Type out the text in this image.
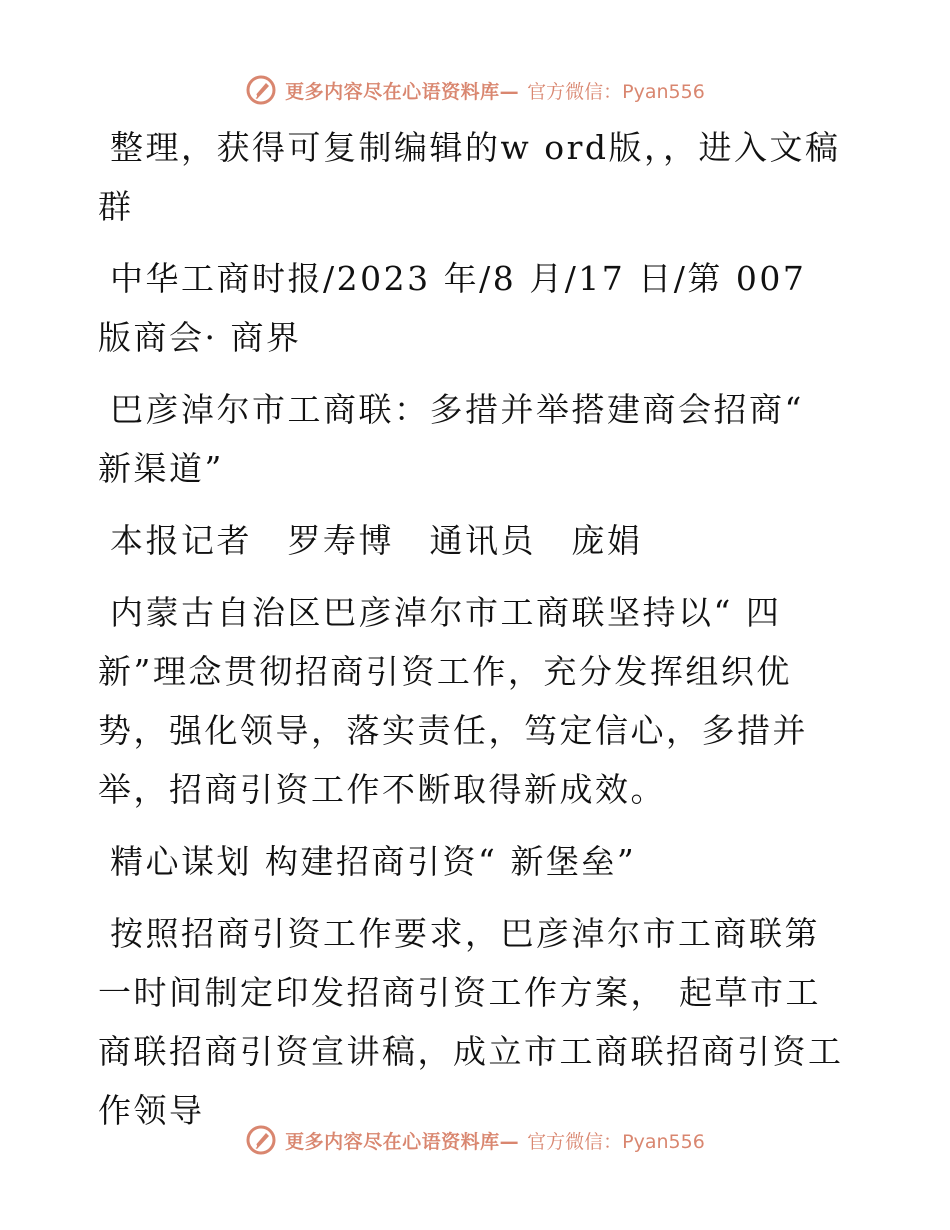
更多内容尽在心语资料库— 官方微信：Pyan556

整理，获得可复制编辑的w ord版，，进入文稿群

中华工商时报/2023 年/8 月/17 日/第 007 版商会· 商界

巴彦淖尔市工商联：多措并举搭建商会招商“ 新渠道”

本报记者　罗寿博　通讯员　庞娟

内蒙古自治区巴彦淖尔市工商联坚持以“ 四新”理念贯彻招商引资工作，充分发挥组织优势，强化领导，落实责任，笃定信心，多措并举，招商引资工作不断取得新成效。

精心谋划 构建招商引资“ 新堡垒”

按照招商引资工作要求，巴彦淖尔市工商联第一时间制定印发招商引资工作方案， 起草市工商联招商引资宣讲稿，成立市工商联招商引资工作领导

更多内容尽在心语资料库— 官方微信：Pyan556
